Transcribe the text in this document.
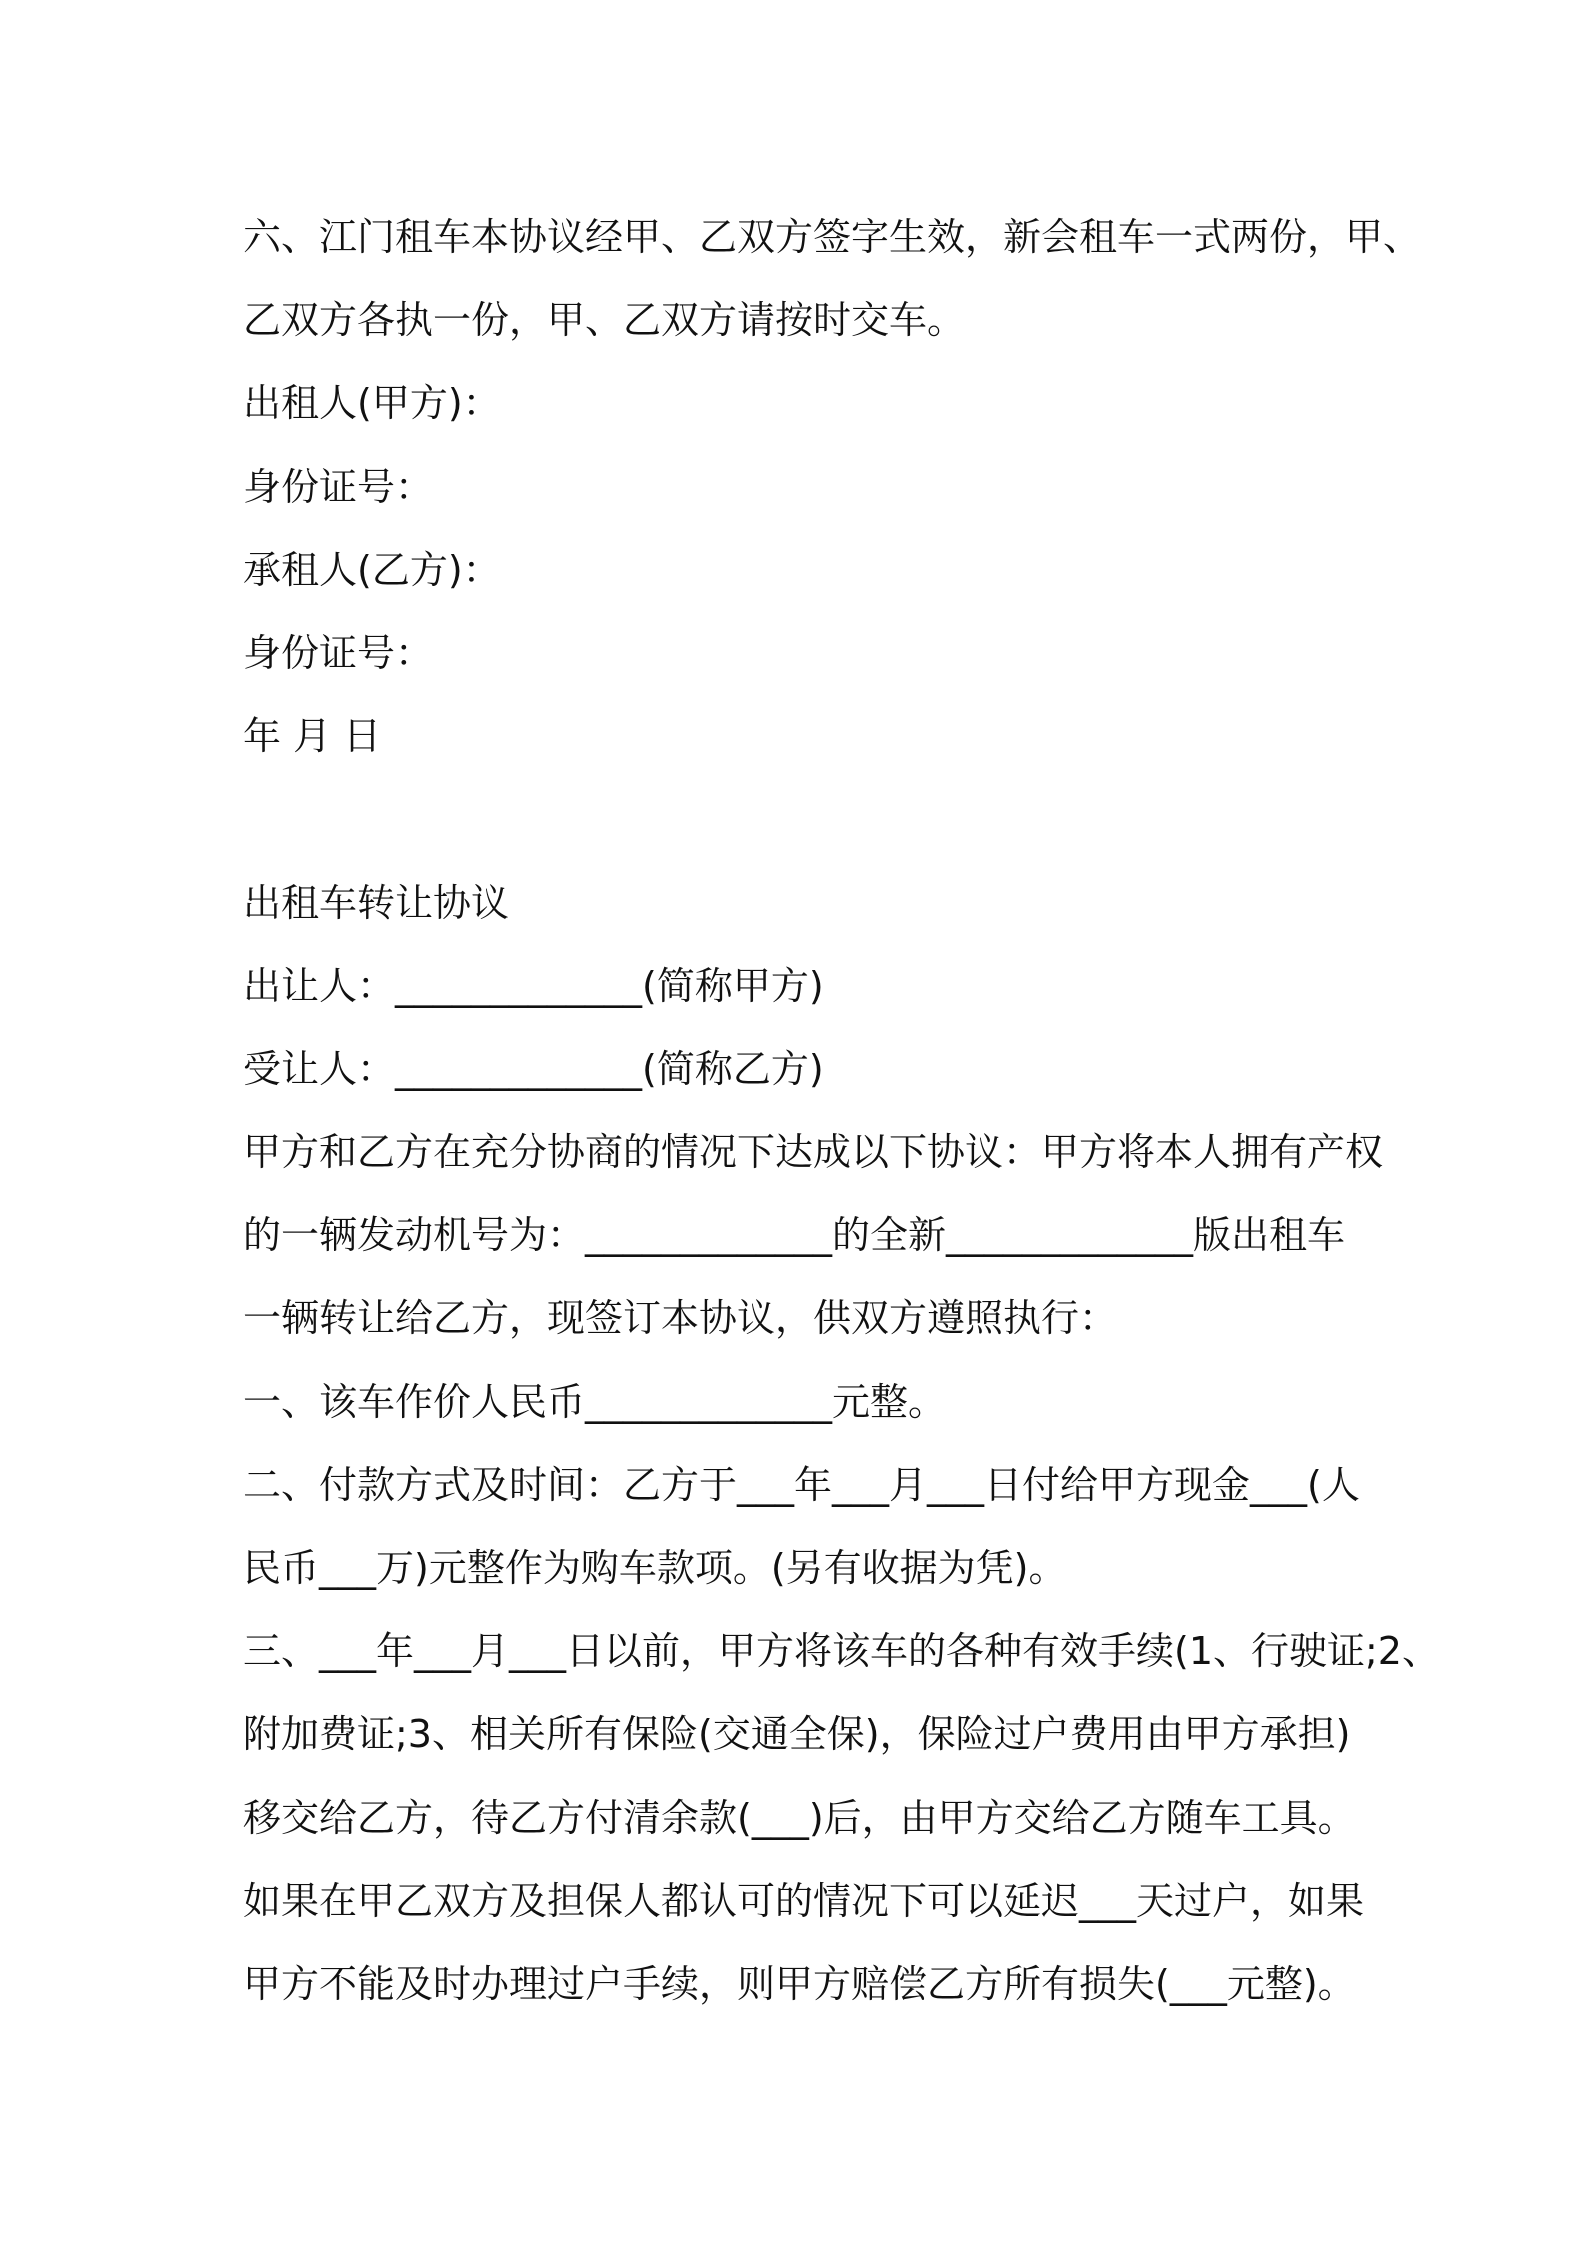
六、江门租车本协议经甲、乙双方签字生效，新会租车一式两份，甲、
乙双方各执一份，甲、乙双方请按时交车。
出租人(甲方)：
身份证号：
承租人(乙方)：
身份证号：
年 月 日
出租车转让协议
出让人：_____________(简称甲方)
受让人：_____________(简称乙方)
甲方和乙方在充分协商的情况下达成以下协议：甲方将本人拥有产权
的一辆发动机号为：_____________的全新_____________版出租车
一辆转让给乙方，现签订本协议，供双方遵照执行：
一、该车作价人民币_____________元整。
二、付款方式及时间：乙方于___年___月___日付给甲方现金___(人
民币___万)元整作为购车款项。(另有收据为凭)。
三、___年___月___日以前，甲方将该车的各种有效手续(1、行驶证;2、
附加费证;3、相关所有保险(交通全保)，保险过户费用由甲方承担)
移交给乙方，待乙方付清余款(___)后，由甲方交给乙方随车工具。
如果在甲乙双方及担保人都认可的情况下可以延迟___天过户，如果
甲方不能及时办理过户手续，则甲方赔偿乙方所有损失(___元整)。
